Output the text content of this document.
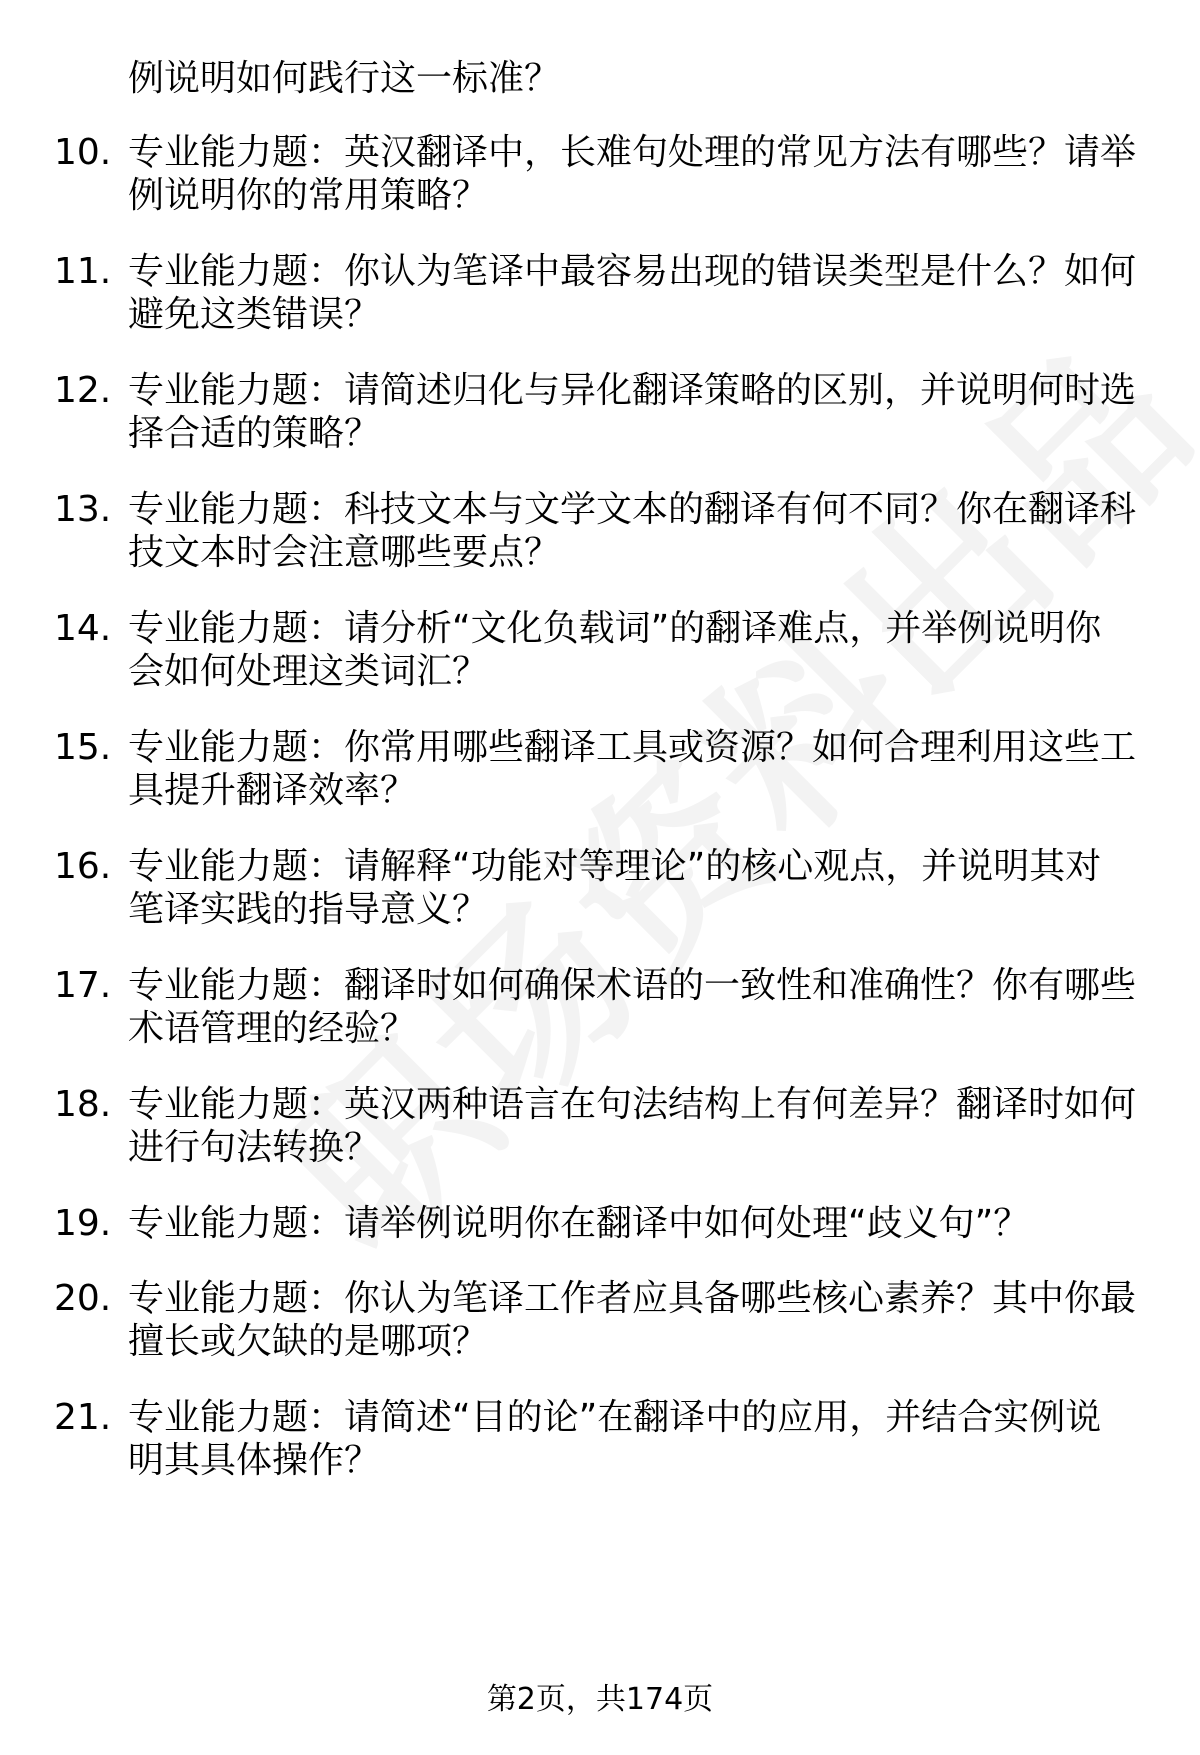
例说明如何践行这一标准？
10. 专业能力题：英汉翻译中，长难句处理的常见方法有哪些？请举
例说明你的常用策略？
11. 专业能力题：你认为笔译中最容易出现的错误类型是什么？如何
避免这类错误？
12. 专业能力题：请简述归化与异化翻译策略的区别，并说明何时选
择合适的策略？
13. 专业能力题：科技文本与文学文本的翻译有何不同？你在翻译科
技文本时会注意哪些要点？
14. 专业能力题：请分析“文化负载词”的翻译难点，并举例说明你
会如何处理这类词汇？
15. 专业能力题：你常用哪些翻译工具或资源？如何合理利用这些工
具提升翻译效率？
16. 专业能力题：请解释“功能对等理论”的核心观点，并说明其对
笔译实践的指导意义？
17. 专业能力题：翻译时如何确保术语的一致性和准确性？你有哪些
术语管理的经验？
18. 专业能力题：英汉两种语言在句法结构上有何差异？翻译时如何
进行句法转换？
19. 专业能力题：请举例说明你在翻译中如何处理“歧义句”？
20. 专业能力题：你认为笔译工作者应具备哪些核心素养？其中你最
擅长或欠缺的是哪项？
21. 专业能力题：请简述“目的论”在翻译中的应用，并结合实例说
明其具体操作？
第2页，共174页
